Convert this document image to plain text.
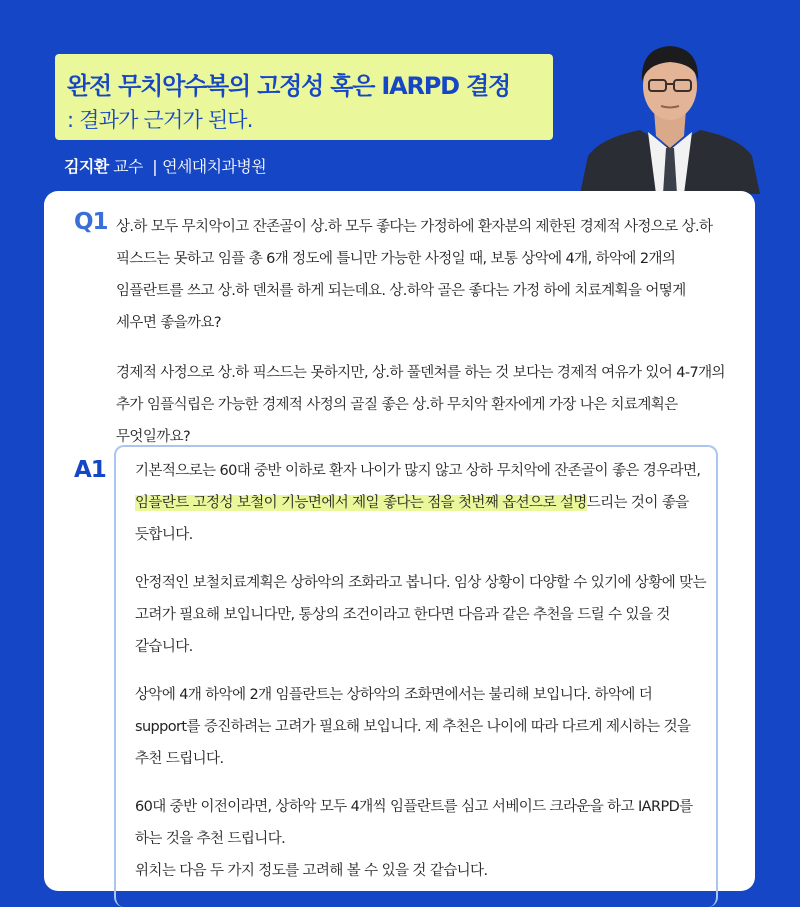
완전 무치악수복의 고정성 혹은 IARPD 결정
: 결과가 근거가 된다.
김지환 교수 | 연세대치과병원
Q1 상.하 모두 무치악이고 잔존골이 상.하 모두 좋다는 가정하에 환자분의 제한된 경제적 사정으로 상.하 픽스드는 못하고 임플 총 6개 정도에 틀니만 가능한 사정일 때, 보통 상악에 4개, 하악에 2개의 임플란트를 쓰고 상.하 덴처를 하게 되는데요. 상.하악 골은 좋다는 가정 하에 치료계획을 어떻게 세우면 좋을까요?

경제적 사정으로 상.하 픽스드는 못하지만, 상.하 풀덴쳐를 하는 것 보다는 경제적 여유가 있어 4-7개의 추가 임플식립은 가능한 경제적 사정의 골질 좋은 상.하 무치악 환자에게 가장 나은 치료계획은 무엇일까요?

A1 기본적으로는 60대 중반 이하로 환자 나이가 많지 않고 상하 무치악에 잔존골이 좋은 경우라면, 임플란트 고정성 보철이 기능면에서 제일 좋다는 점을 첫번째 옵션으로 설명드리는 것이 좋을 듯합니다.

안정적인 보철치료계획은 상하악의 조화라고 봅니다. 임상 상황이 다양할 수 있기에 상황에 맞는 고려가 필요해 보입니다만, 통상의 조건이라고 한다면 다음과 같은 추천을 드릴 수 있을 것 같습니다.

상악에 4개 하악에 2개 임플란트는 상하악의 조화면에서는 불리해 보입니다. 하악에 더 support를 증진하려는 고려가 필요해 보입니다. 제 추천은 나이에 따라 다르게 제시하는 것을 추천 드립니다.

60대 중반 이전이라면, 상하악 모두 4개씩 임플란트를 심고 서베이드 크라운을 하고 IARPD를 하는 것을 추천 드립니다.
위치는 다음 두 가지 정도를 고려해 볼 수 있을 것 같습니다.
